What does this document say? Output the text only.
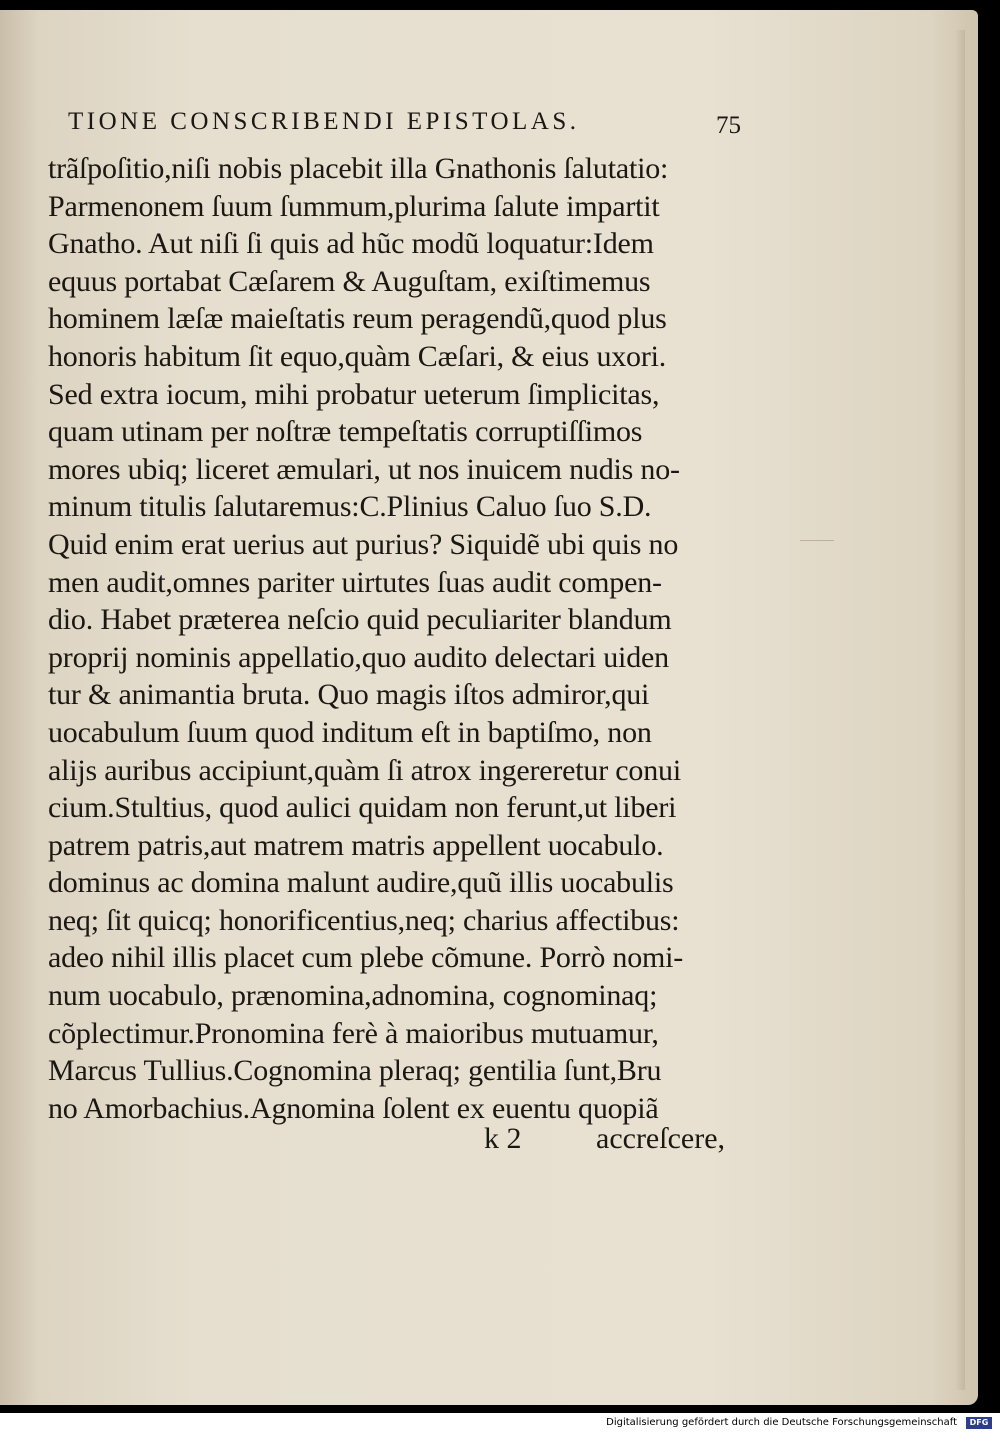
TIONE CONSCRIBENDI EPISTOLAS.	75
trãſpoſitio,niſi nobis placebit illa Gnathonis ſalutatio:
Parmenonem ſuum ſummum,plurima ſalute impartit
Gnatho. Aut niſi ſi quis ad hũc modũ loquatur:Idem
equus portabat Cæſarem & Auguſtam, exiſtimemus
hominem læſæ maieſtatis reum peragendũ,quod plus
honoris habitum ſit equo,quàm Cæſari, & eius uxori.
Sed extra iocum, mihi probatur ueterum ſimplicitas,
quam utinam per noſtræ tempeſtatis corruptiſſimos
mores ubiq; liceret æmulari, ut nos inuicem nudis no-
minum titulis ſalutaremus:C.Plinius Caluo ſuo S.D.
Quid enim erat uerius aut purius? Siquidẽ ubi quis no
men audit,omnes pariter uirtutes ſuas audit compen-
dio. Habet præterea neſcio quid peculiariter blandum
proprij nominis appellatio,quo audito delectari uiden
tur & animantia bruta. Quo magis iſtos admiror,qui
uocabulum ſuum quod inditum eſt in baptiſmo, non
alijs auribus accipiunt,quàm ſi atrox ingereretur conui
cium.Stultius, quod aulici quidam non ferunt,ut liberi
patrem patris,aut matrem matris appellent uocabulo.
dominus ac domina malunt audire,quũ illis uocabulis
neq; ſit quicq; honorificentius,neq; charius affectibus:
adeo nihil illis placet cum plebe cõmune. Porrò nomi-
num uocabulo, prænomina,adnomina, cognominaq;
cõplectimur.Pronomina ferè à maioribus mutuamur,
Marcus Tullius.Cognomina pleraq; gentilia ſunt,Bru
no Amorbachius.Agnomina ſolent ex euentu quopiã
k 2 accreſcere,
Digitalisierung gefördert durch die Deutsche Forschungsgemeinschaft	DFG
